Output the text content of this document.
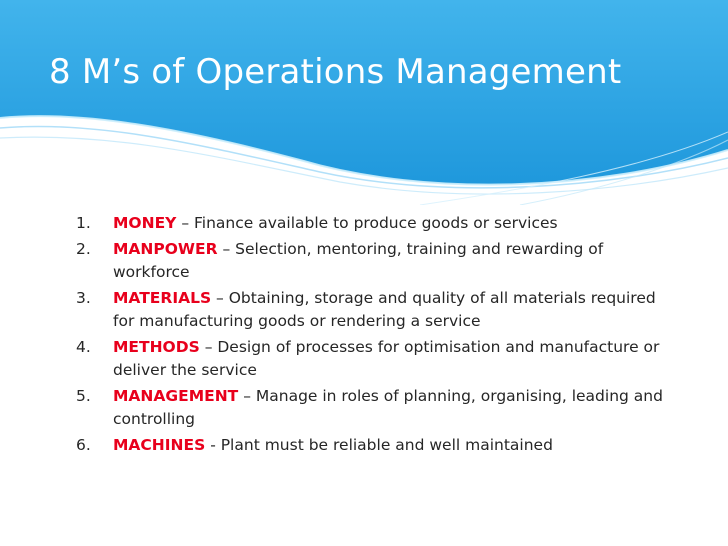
8 M’s of Operations Management
1. MONEY – Finance available to produce goods or services
2. MANPOWER – Selection, mentoring, training and rewarding of workforce
3. MATERIALS – Obtaining, storage and quality of all materials required for manufacturing goods or rendering a service
4. METHODS – Design of processes for optimisation and manufacture or deliver the service
5. MANAGEMENT – Manage in roles of planning, organising, leading and controlling
6. MACHINES - Plant must be reliable and well maintained
